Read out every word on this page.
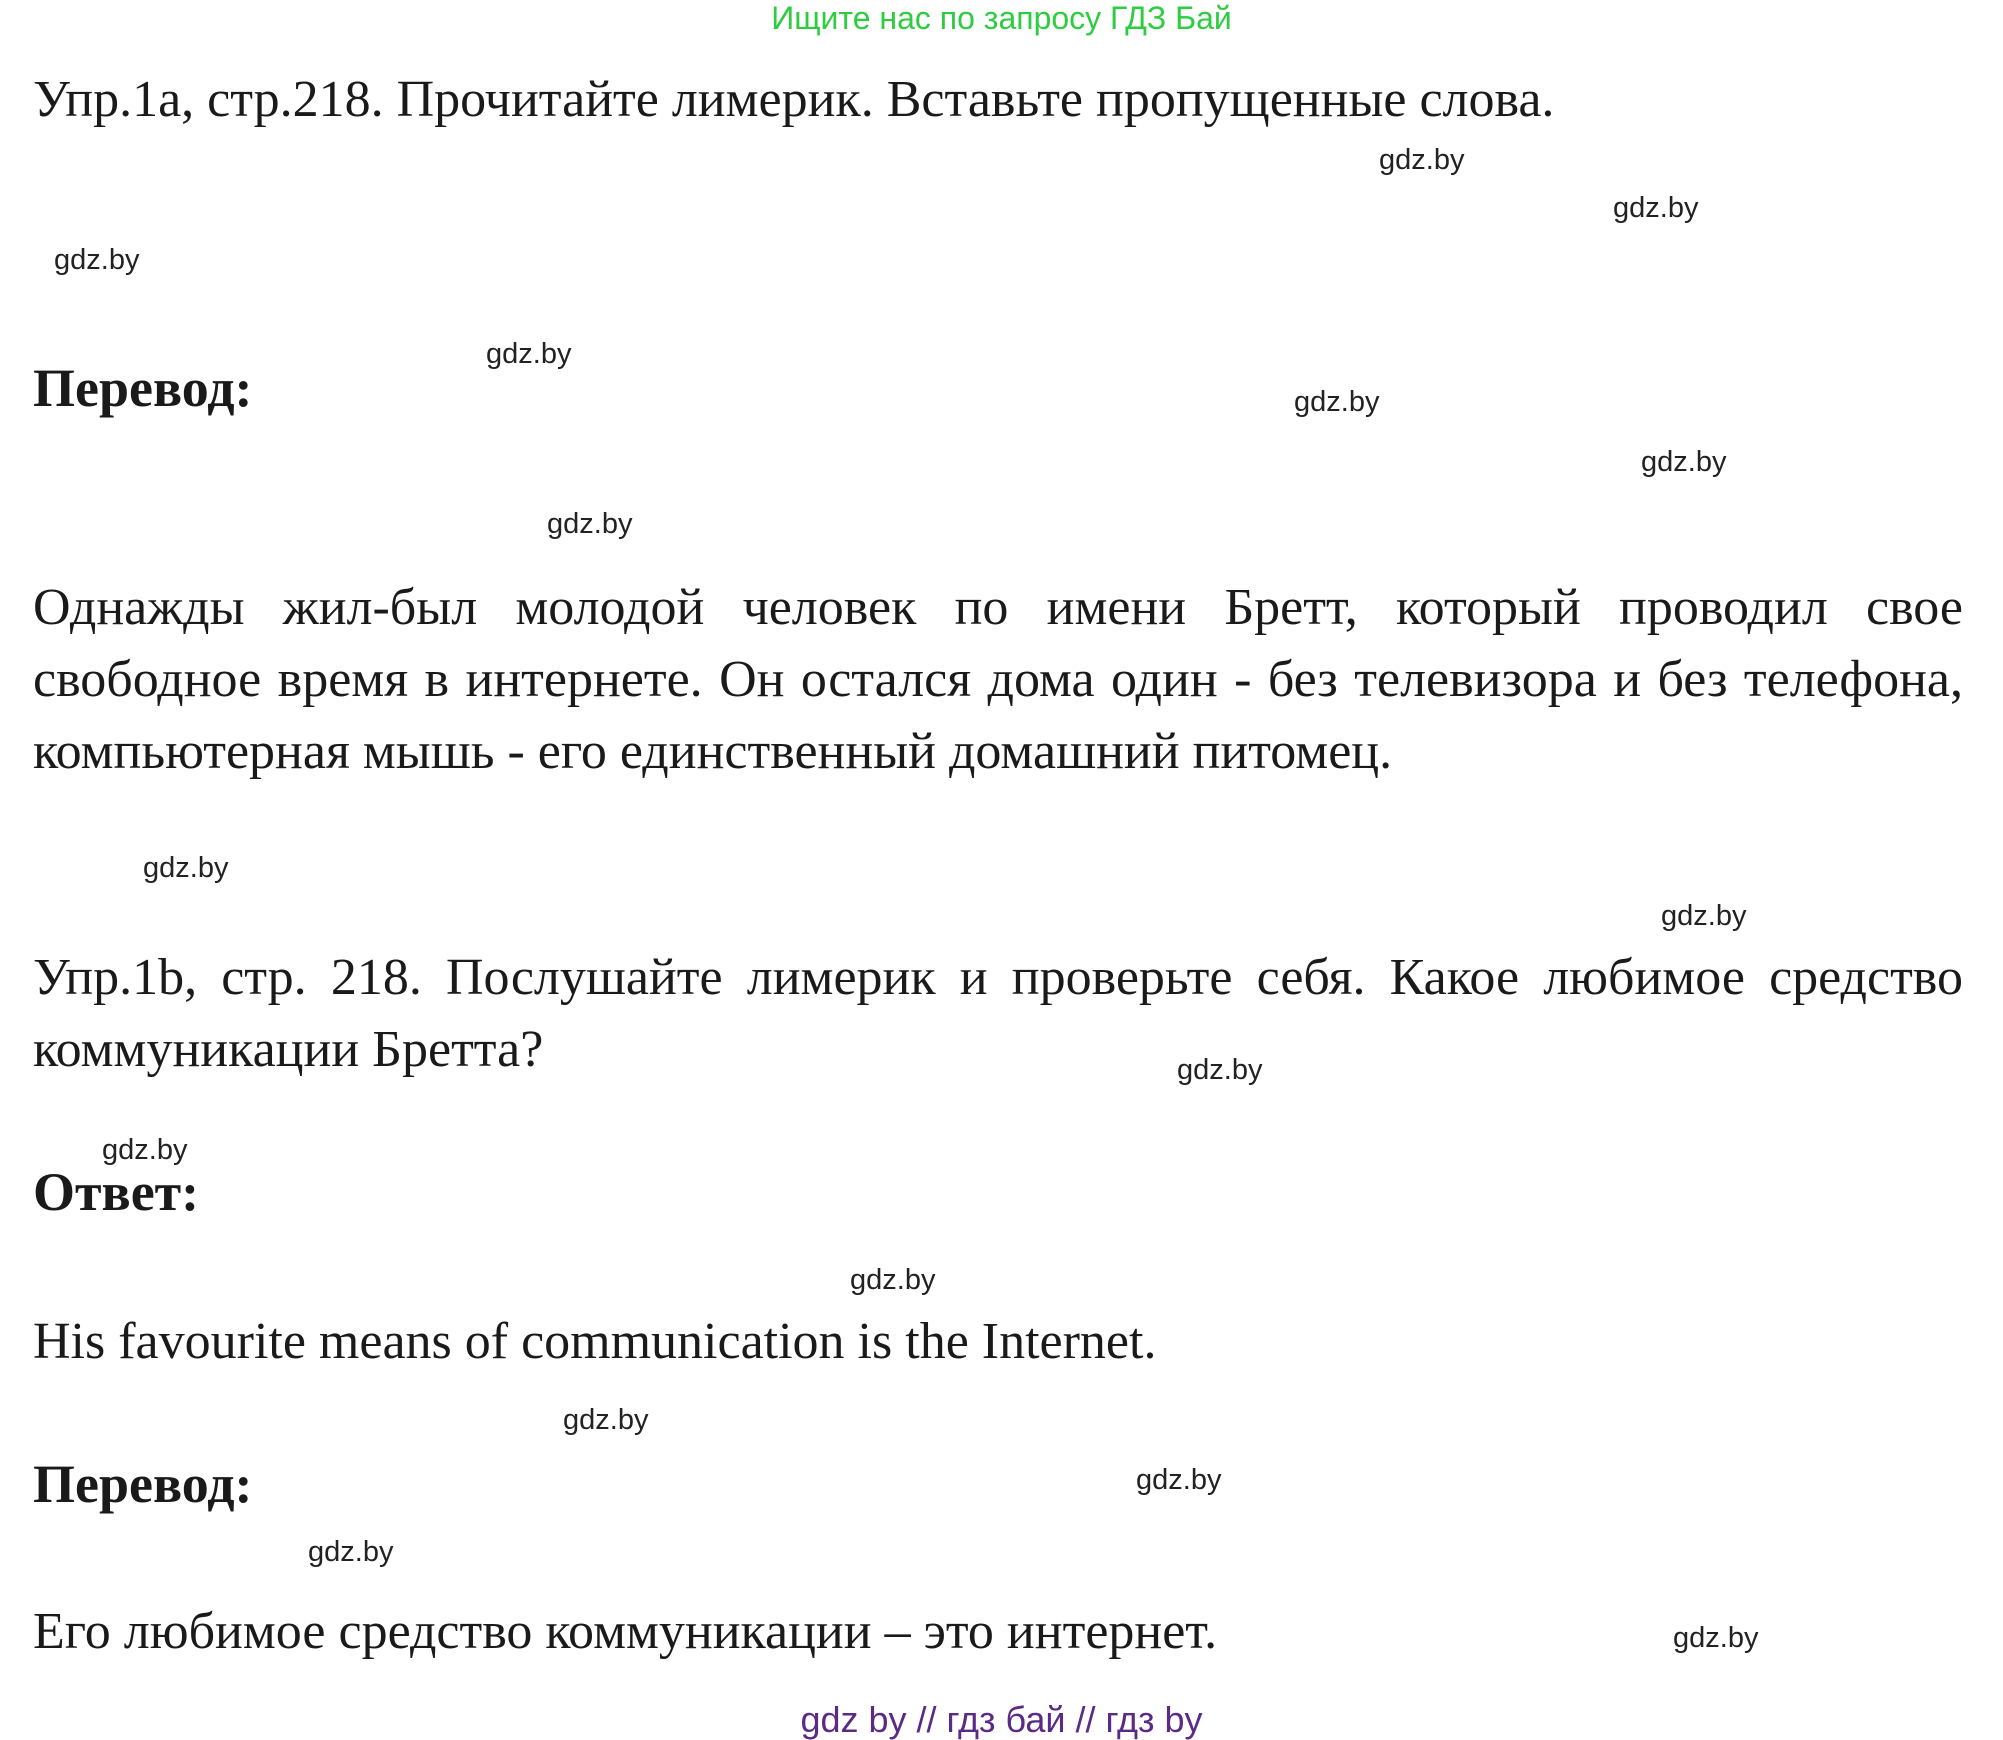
Ищите нас по запросу ГДЗ Бай
Упр.1a, стр.218. Прочитайте лимерик. Вставьте пропущенные слова.
Перевод:

Однажды жил-был молодой человек по имени Бретт, который проводил свое свободное время в интернете. Он остался дома один - без телевизора и без телефона, компьютерная мышь - его единственный домашний питомец.

Упр.1b, стр. 218. Послушайте лимерик и проверьте себя. Какое любимое средство коммуникации Бретта?

Ответ:

His favourite means of communication is the Internet.

Перевод:

Его любимое средство коммуникации – это интернет.

gdz.by
gdz.by
gdz.by
gdz.by
gdz.by
gdz.by
gdz.by
gdz.by
gdz.by
gdz.by
gdz.by
gdz.by
gdz.by
gdz.by
gdz.by
gdz.by
gdz by // гдз бай // гдз by
